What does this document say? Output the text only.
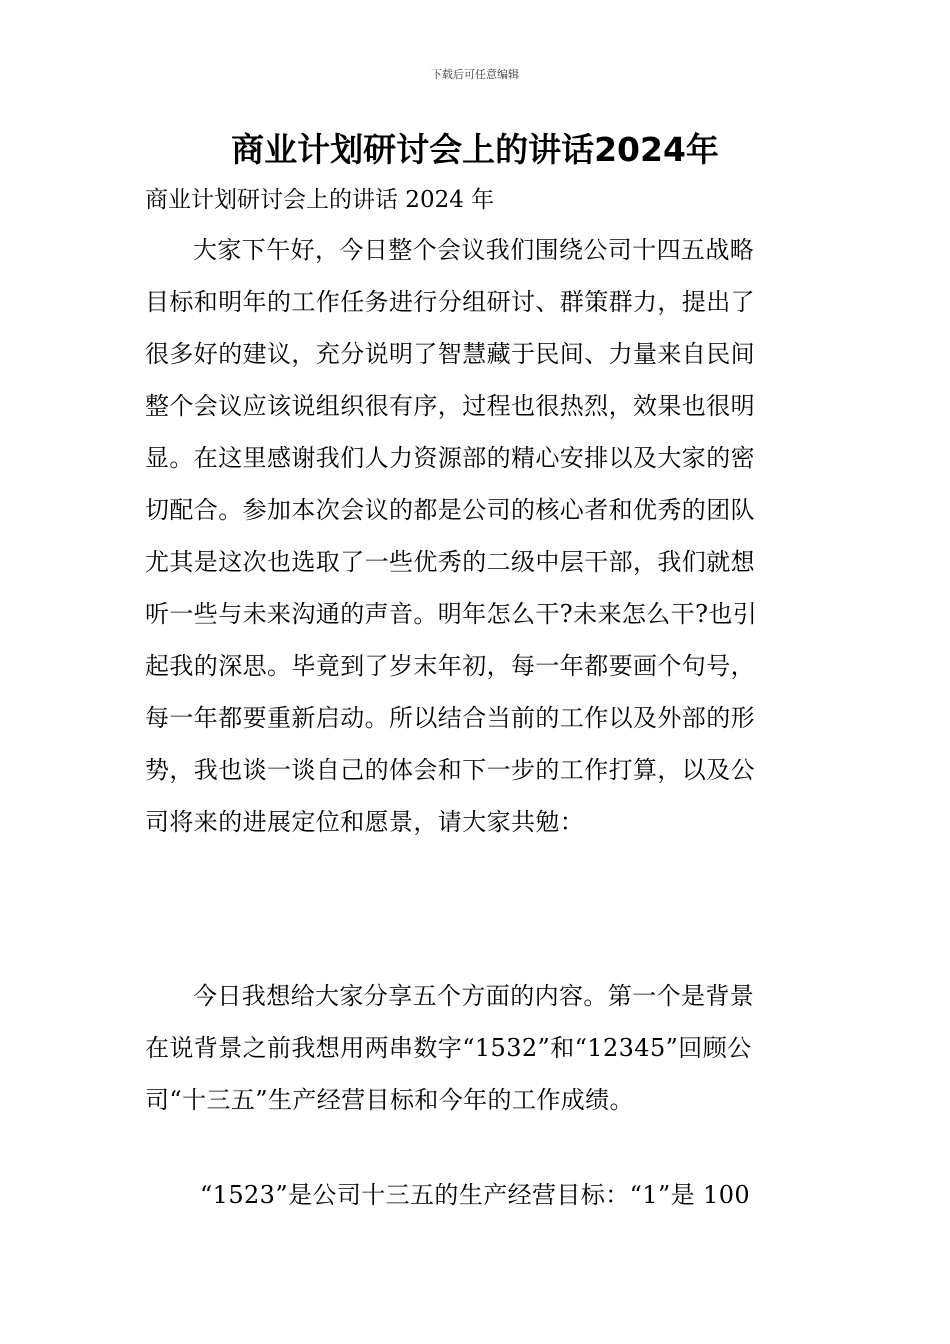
下载后可任意编辑
商业计划研讨会上的讲话2024年

商业计划研讨会上的讲话 2024 年

大家下午好，今日整个会议我们围绕公司十四五战略
目标和明年的工作任务进行分组研讨、群策群力，提出了
很多好的建议，充分说明了智慧藏于民间、力量来自民间
整个会议应该说组织很有序，过程也很热烈，效果也很明
显。在这里感谢我们人力资源部的精心安排以及大家的密
切配合。参加本次会议的都是公司的核心者和优秀的团队
尤其是这次也选取了一些优秀的二级中层干部，我们就想
听一些与未来沟通的声音。明年怎么干?未来怎么干?也引
起我的深思。毕竟到了岁末年初，每一年都要画个句号，
每一年都要重新启动。所以结合当前的工作以及外部的形
势，我也谈一谈自己的体会和下一步的工作打算，以及公
司将来的进展定位和愿景，请大家共勉：
今日我想给大家分享五个方面的内容。第一个是背景
在说背景之前我想用两串数字“1532”和“12345”回顾公
司“十三五”生产经营目标和今年的工作成绩。
“1523”是公司十三五的生产经营目标：“1”是 100
